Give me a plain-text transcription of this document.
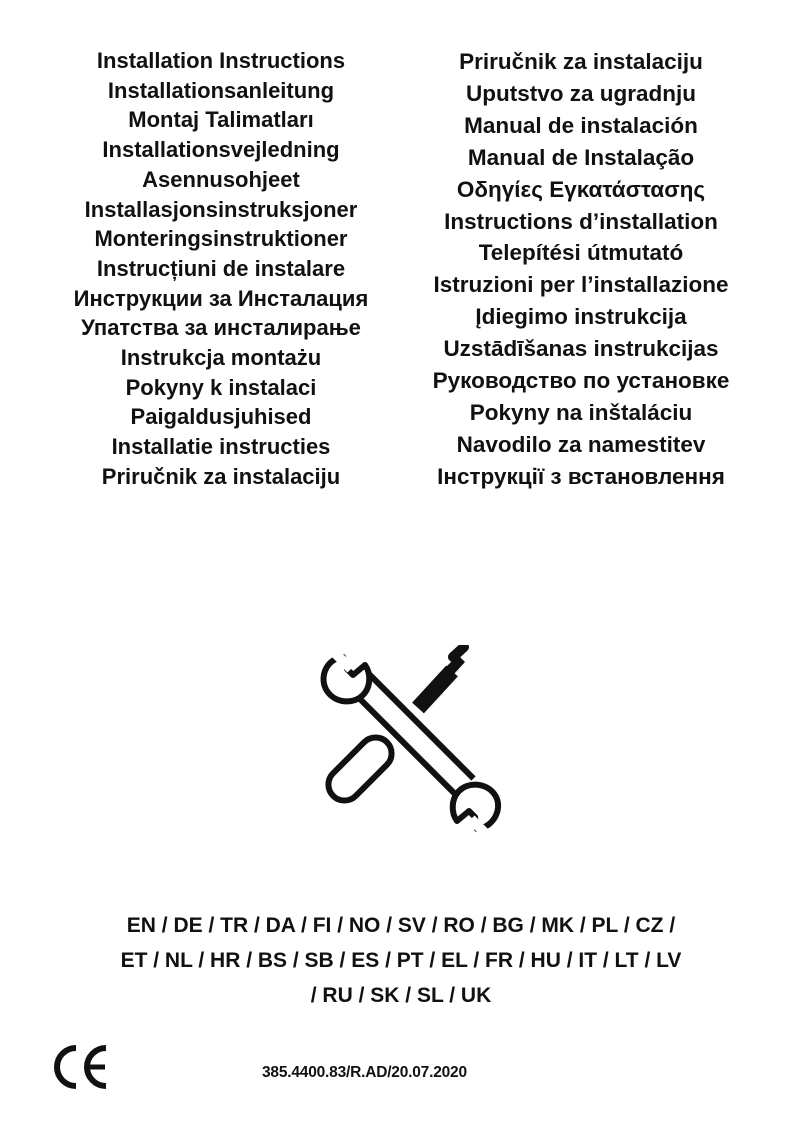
Installation Instructions
Installationsanleitung
Montaj Talimatları
Installationsvejledning
Asennusohjeet
Installasjonsinstruksjoner
Monteringsinstruktioner
Instrucțiuni de instalare
Инструкции за Инсталация
Упатства за инсталирање
Instrukcja montażu
Pokyny k instalaci
Paigaldusjuhised
Installatie instructies
Priručnik za instalaciju
Priručnik za instalaciju
Uputstvo za ugradnju
Manual de instalación
Manual de Instalação
Οδηγίες Εγκατάστασης
Instructions d’installation
Telepítési útmutató
Istruzioni per l’installazione
Įdiegimo instrukcija
Uzstādīšanas instrukcijas
Руководство по установке
Pokyny na inštaláciu
Navodilo za namestitev
Інструкції з встановлення
EN / DE / TR / DA / FI / NO / SV / RO / BG / MK / PL / CZ /
ET / NL / HR / BS / SB / ES / PT / EL / FR / HU / IT / LT / LV
/ RU / SK / SL / UK
385.4400.83/R.AD/20.07.2020
